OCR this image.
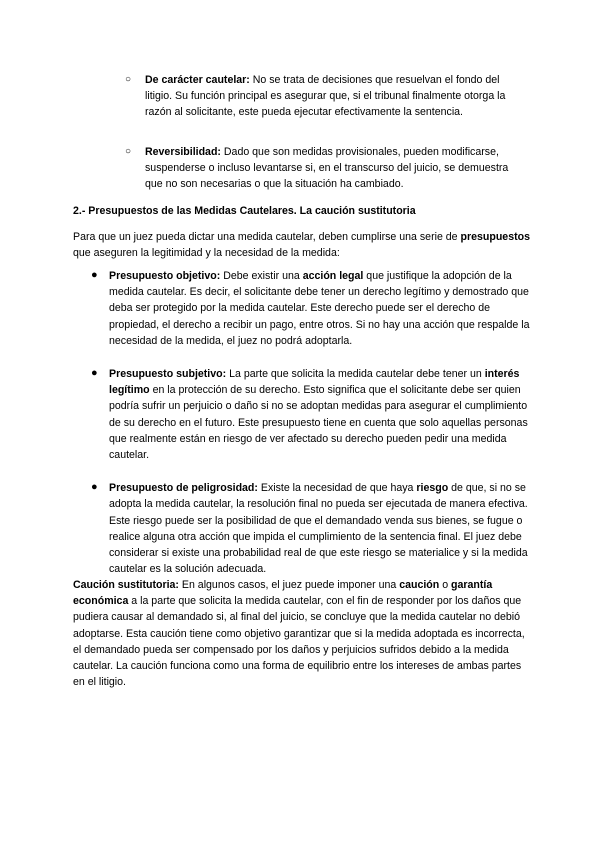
○ De carácter cautelar: No se trata de decisiones que resuelvan el fondo del litigio. Su función principal es asegurar que, si el tribunal finalmente otorga la razón al solicitante, este pueda ejecutar efectivamente la sentencia.
○ Reversibilidad: Dado que son medidas provisionales, pueden modificarse, suspenderse o incluso levantarse si, en el transcurso del juicio, se demuestra que no son necesarias o que la situación ha cambiado.
2.- Presupuestos de las Medidas Cautelares. La caución sustitutoria
Para que un juez pueda dictar una medida cautelar, deben cumplirse una serie de presupuestos que aseguren la legitimidad y la necesidad de la medida:
● Presupuesto objetivo: Debe existir una acción legal que justifique la adopción de la medida cautelar. Es decir, el solicitante debe tener un derecho legítimo y demostrado que deba ser protegido por la medida cautelar. Este derecho puede ser el derecho de propiedad, el derecho a recibir un pago, entre otros. Si no hay una acción que respalde la necesidad de la medida, el juez no podrá adoptarla.
● Presupuesto subjetivo: La parte que solicita la medida cautelar debe tener un interés legítimo en la protección de su derecho. Esto significa que el solicitante debe ser quien podría sufrir un perjuicio o daño si no se adoptan medidas para asegurar el cumplimiento de su derecho en el futuro. Este presupuesto tiene en cuenta que solo aquellas personas que realmente están en riesgo de ver afectado su derecho pueden pedir una medida cautelar.
● Presupuesto de peligrosidad: Existe la necesidad de que haya riesgo de que, si no se adopta la medida cautelar, la resolución final no pueda ser ejecutada de manera efectiva. Este riesgo puede ser la posibilidad de que el demandado venda sus bienes, se fugue o realice alguna otra acción que impida el cumplimiento de la sentencia final. El juez debe considerar si existe una probabilidad real de que este riesgo se materialice y si la medida cautelar es la solución adecuada.
Caución sustitutoria: En algunos casos, el juez puede imponer una caución o garantía económica a la parte que solicita la medida cautelar, con el fin de responder por los daños que pudiera causar al demandado si, al final del juicio, se concluye que la medida cautelar no debió adoptarse. Esta caución tiene como objetivo garantizar que si la medida adoptada es incorrecta, el demandado pueda ser compensado por los daños y perjuicios sufridos debido a la medida cautelar. La caución funciona como una forma de equilibrio entre los intereses de ambas partes en el litigio.
